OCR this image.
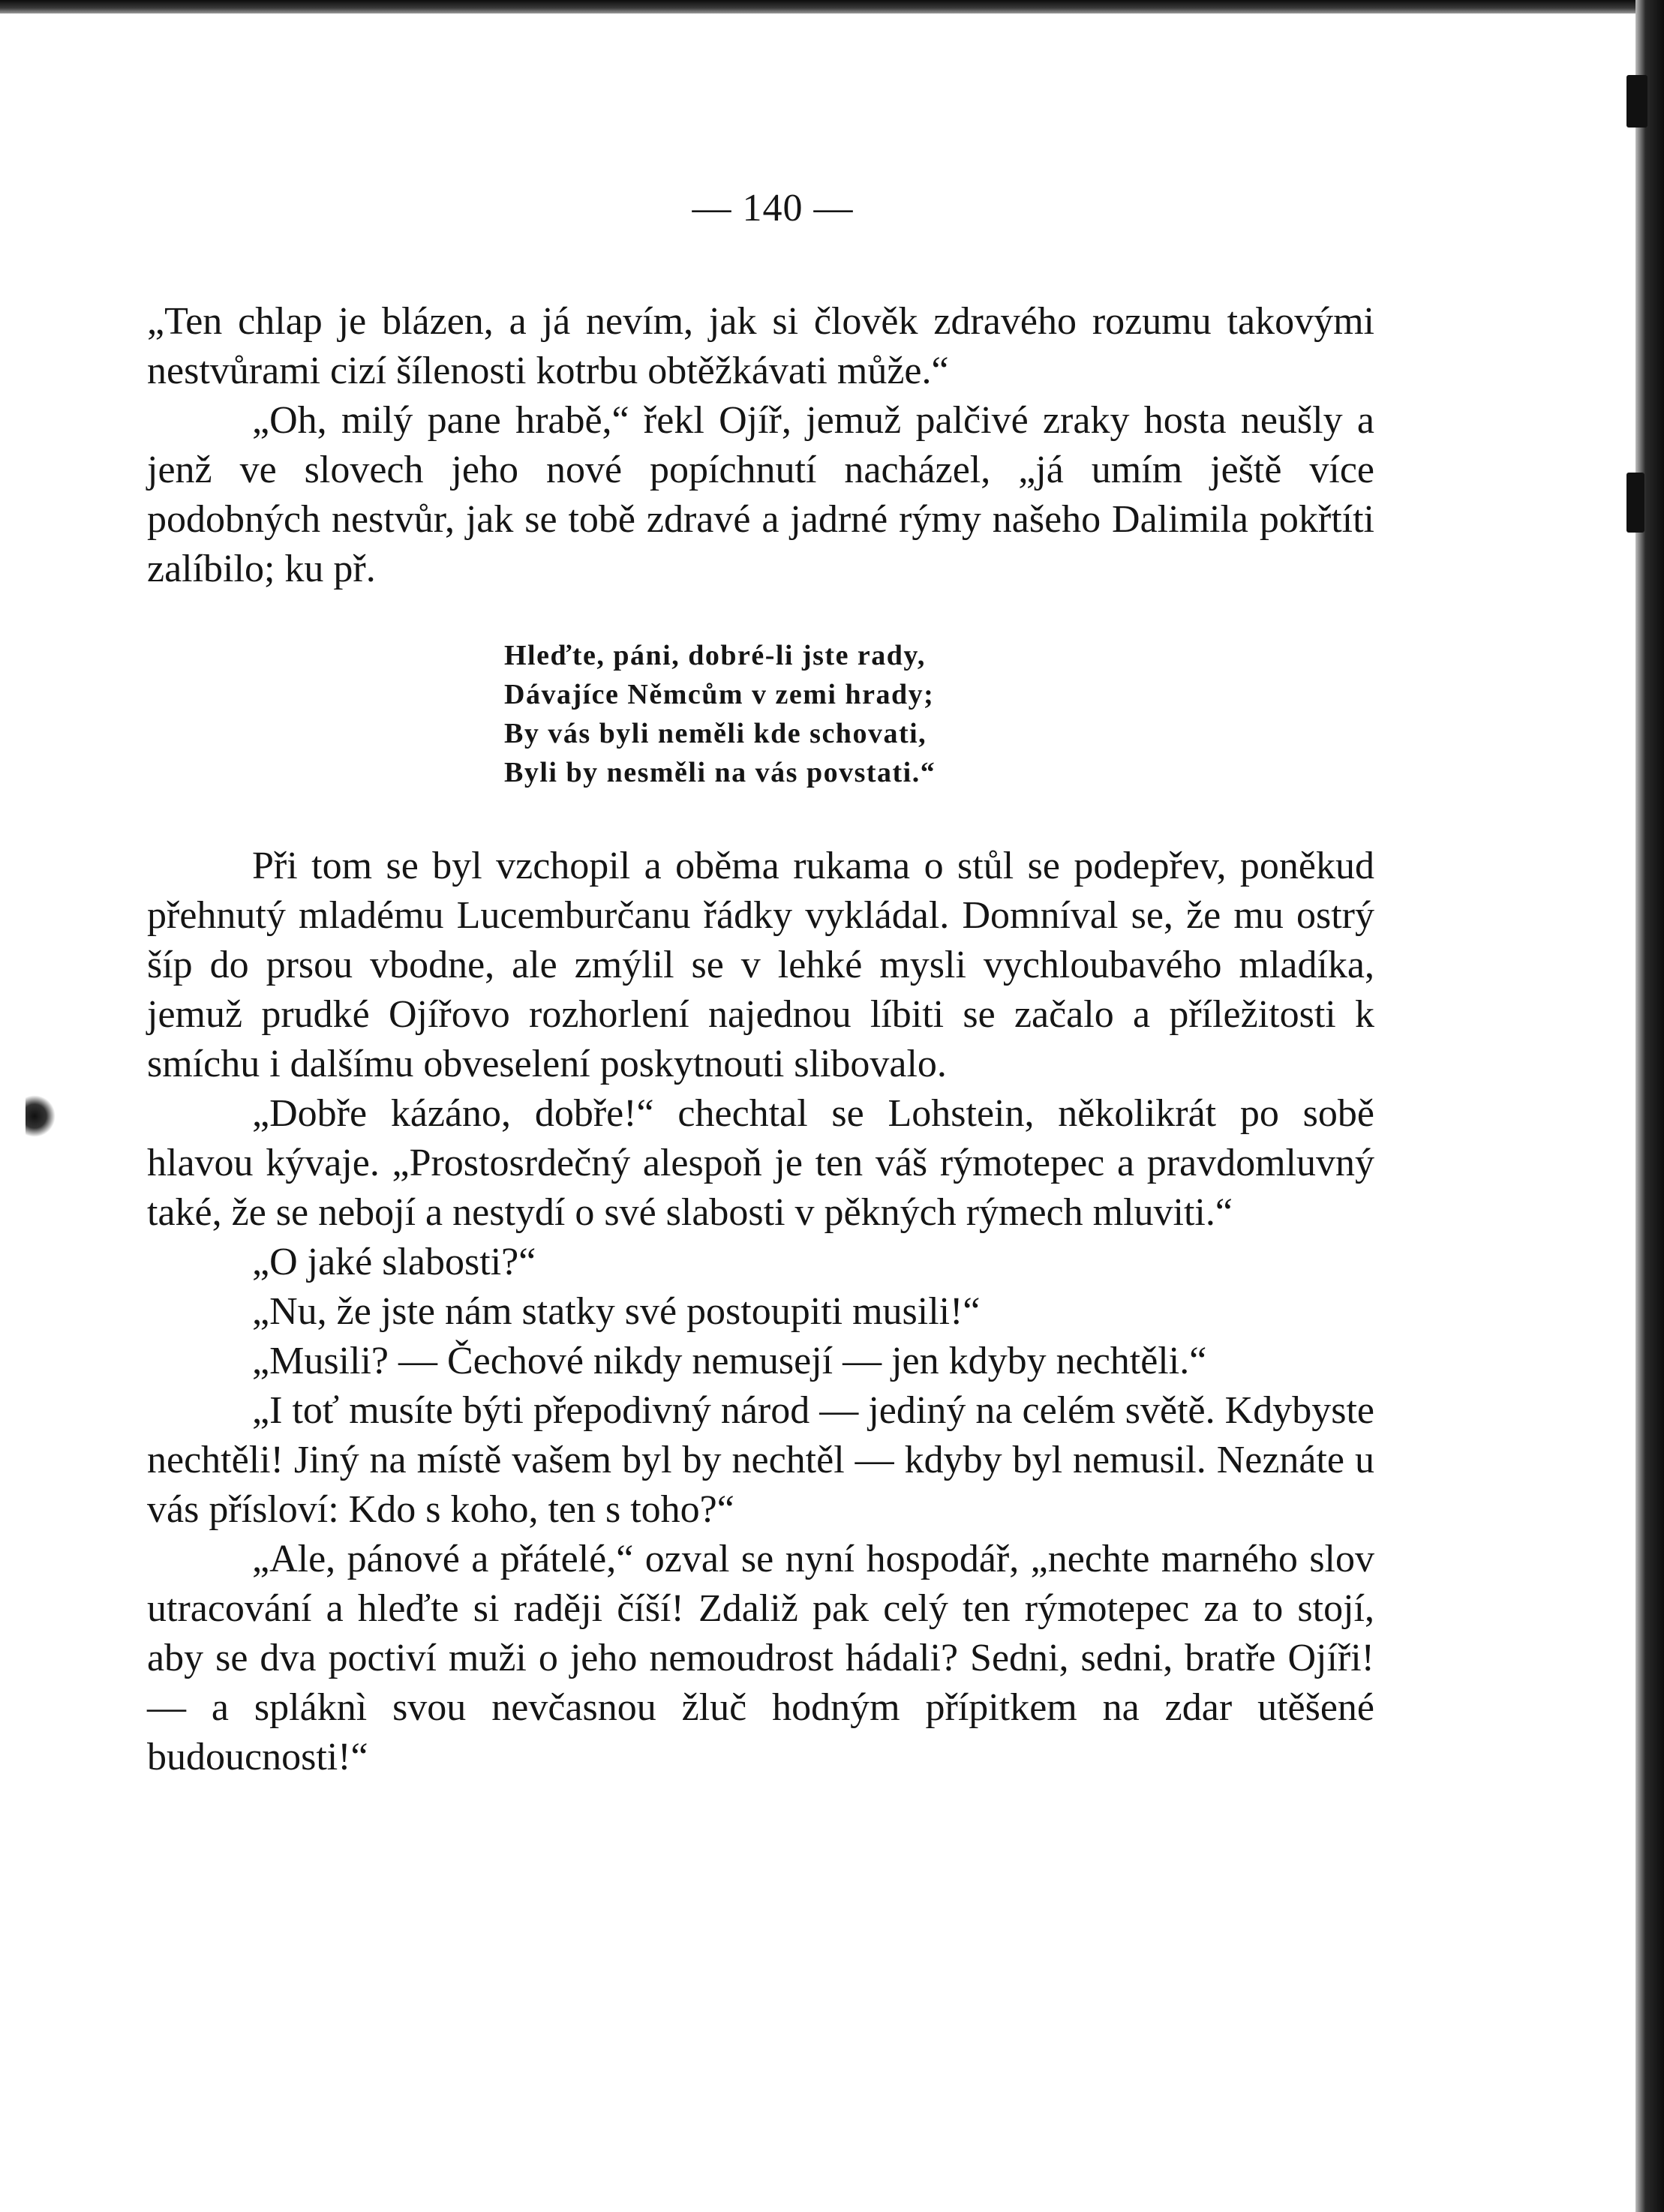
— 140 —

„Ten chlap je blázen, a já nevím, jak si člověk zdravého rozumu takovými nestvůrami cizí šílenosti kotrbu obtěžkávati může.“

„Oh, milý pane hrabě,“ řekl Ojíř, jemuž palčivé zraky hosta neušly a jenž ve slovech jeho nové popíchnutí nacházel, „já umím ještě více podobných nestvůr, jak se tobě zdravé a jadrné rýmy našeho Dalimila pokřtíti zalíbilo; ku př.

Hleďte, páni, dobré-li jste rady,
Dávajíce Němcům v zemi hrady;
By vás byli neměli kde schovati,
Byli by nesměli na vás povstati.“

Při tom se byl vzchopil a oběma rukama o stůl se podepřev, poněkud přehnutý mladému Lucemburčanu řádky vykládal. Domníval se, že mu ostrý šíp do prsou vbodne, ale zmýlil se v lehké mysli vychloubavého mladíka, jemuž prudké Ojířovo rozhorlení najednou líbiti se začalo a příležitosti k smíchu i dalšímu obveselení poskytnouti slibovalo.

„Dobře kázáno, dobře!“ chechtal se Lohstein, několikrát po sobě hlavou kývaje. „Prostosrdečný alespoň je ten váš rýmotepec a pravdomluvný také, že se nebojí a nestydí o své slabosti v pěkných rýmech mluviti.“

„O jaké slabosti?“

„Nu, že jste nám statky své postoupiti musili!“

„Musili? — Čechové nikdy nemusejí — jen kdyby nechtěli.“

„I toť musíte býti přepodivný národ — jediný na celém světě. Kdybyste nechtěli! Jiný na místě vašem byl by nechtěl — kdyby byl nemusil. Neznáte u vás přísloví: Kdo s koho, ten s toho?“

„Ale, pánové a přátelé,“ ozval se nyní hospodář, „nechte marného slov utracování a hleďte si raději číší! Zdaliž pak celý ten rýmotepec za to stojí, aby se dva poctiví muži o jeho nemoudrost hádali? Sedni, sedni, bratře Ojíři! — a spláknì svou nevčasnou žluč hodným přípitkem na zdar utěšené budoucnosti!“
